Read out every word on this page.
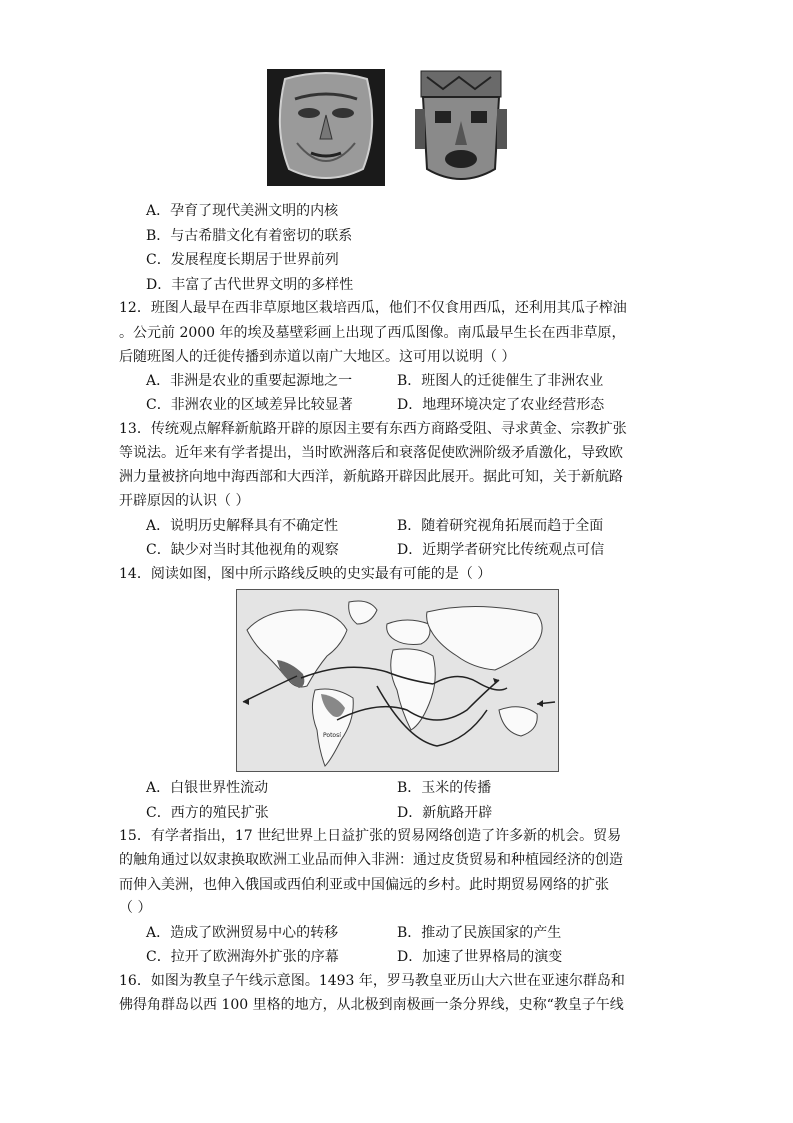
A．孕育了现代美洲文明的内核
B．与古希腊文化有着密切的联系
C．发展程度长期居于世界前列
D．丰富了古代世界文明的多样性
12．班图人最早在西非草原地区栽培西瓜，他们不仅食用西瓜，还利用其瓜子榨油
。公元前 2000 年的埃及墓壁彩画上出现了西瓜图像。南瓜最早生长在西非草原，
后随班图人的迁徙传播到赤道以南广大地区。这可用以说明（ ）
A．非洲是农业的重要起源地之一	B．班图人的迁徙催生了非洲农业
C．非洲农业的区域差异比较显著	D．地理环境决定了农业经营形态
13．传统观点解释新航路开辟的原因主要有东西方商路受阻、寻求黄金、宗教扩张
等说法。近年来有学者提出，当时欧洲落后和衰落促使欧洲阶级矛盾激化，导致欧
洲力量被挤向地中海西部和大西洋，新航路开辟因此展开。据此可知，关于新航路
开辟原因的认识（ ）
A．说明历史解释具有不确定性	B．随着研究视角拓展而趋于全面
C．缺少对当时其他视角的观察	D．近期学者研究比传统观点可信
14．阅读如图，图中所示路线反映的史实最有可能的是（ ）
Potosí
A．白银世界性流动	B．玉米的传播
C．西方的殖民扩张	D．新航路开辟
15．有学者指出，17 世纪世界上日益扩张的贸易网络创造了许多新的机会。贸易
的触角通过以奴隶换取欧洲工业品而伸入非洲：通过皮货贸易和种植园经济的创造
而伸入美洲，也伸入俄国或西伯利亚或中国偏远的乡村。此时期贸易网络的扩张
（ ）
A．造成了欧洲贸易中心的转移	B．推动了民族国家的产生
C．拉开了欧洲海外扩张的序幕	D．加速了世界格局的演变
16．如图为教皇子午线示意图。1493 年，罗马教皇亚历山大六世在亚速尔群岛和
佛得角群岛以西 100 里格的地方，从北极到南极画一条分界线，史称“教皇子午线
